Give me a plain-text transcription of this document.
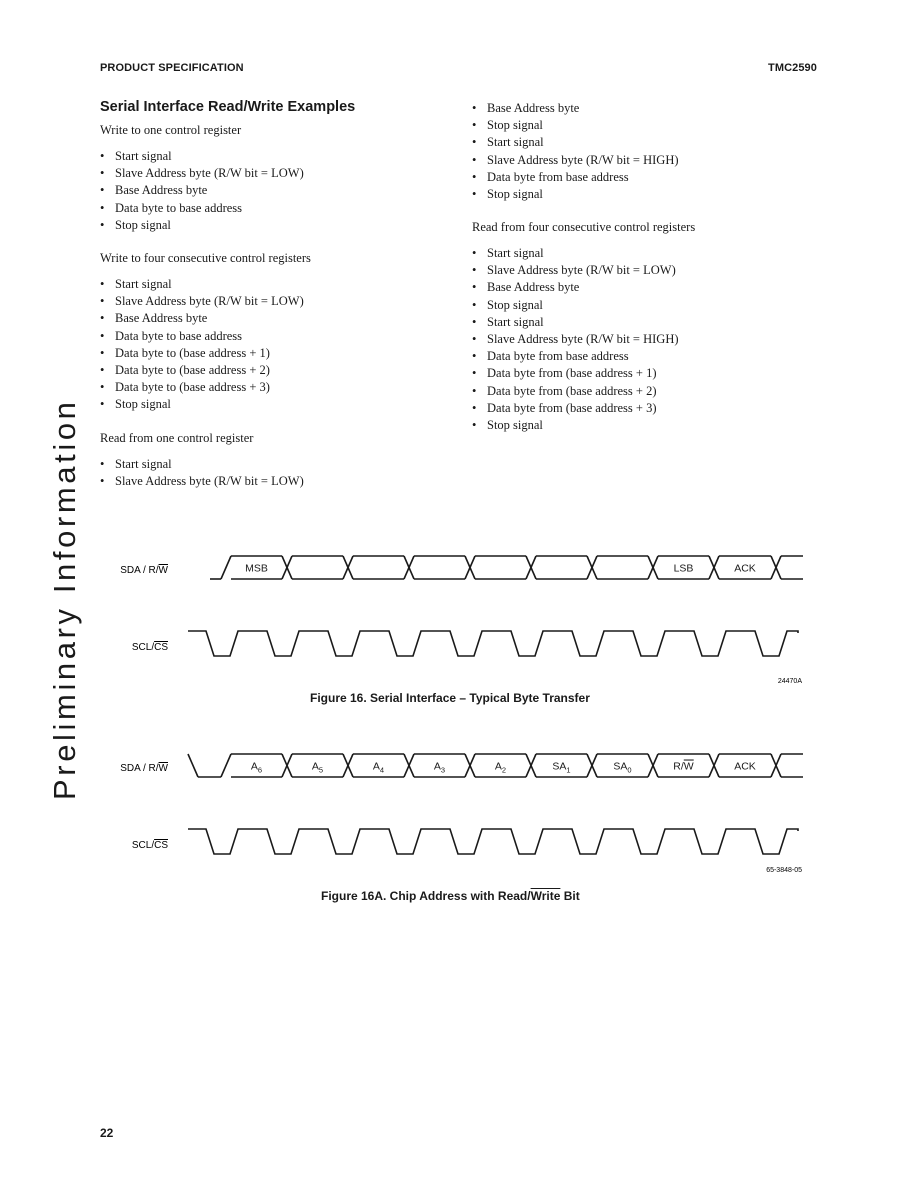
PRODUCT SPECIFICATION	TMC2590
Preliminary Information
Serial Interface Read/Write Examples
Write to one control register
• Start signal
• Slave Address byte (R/W bit = LOW)
• Base Address byte
• Data byte to base address
• Stop signal
Write to four consecutive control registers
• Start signal
• Slave Address byte (R/W bit = LOW)
• Base Address byte
• Data byte to base address
• Data byte to (base address + 1)
• Data byte to (base address + 2)
• Data byte to (base address + 3)
• Stop signal
Read from one control register
• Start signal
• Slave Address byte (R/W bit = LOW)
• Base Address byte
• Stop signal
• Start signal
• Slave Address byte (R/W bit = HIGH)
• Data byte from base address
• Stop signal
Read from four consecutive control registers
• Start signal
• Slave Address byte (R/W bit = LOW)
• Base Address byte
• Stop signal
• Start signal
• Slave Address byte (R/W bit = HIGH)
• Data byte from base address
• Data byte from (base address + 1)
• Data byte from (base address + 2)
• Data byte from (base address + 3)
• Stop signal
SDA / R/W
SCL/CS
MSB	LSB	ACK
24470A
SDA / R/W
SCL/CS
$A_6$	$A_5$	$A_4$	$A_3$	$A_2$	$SA_1$	$SA_0$	R/W	ACK
65-3848-05
Figure 16. Serial Interface – Typical Byte Transfer
Figure 16A. Chip Address with Read/Write Bit
22
